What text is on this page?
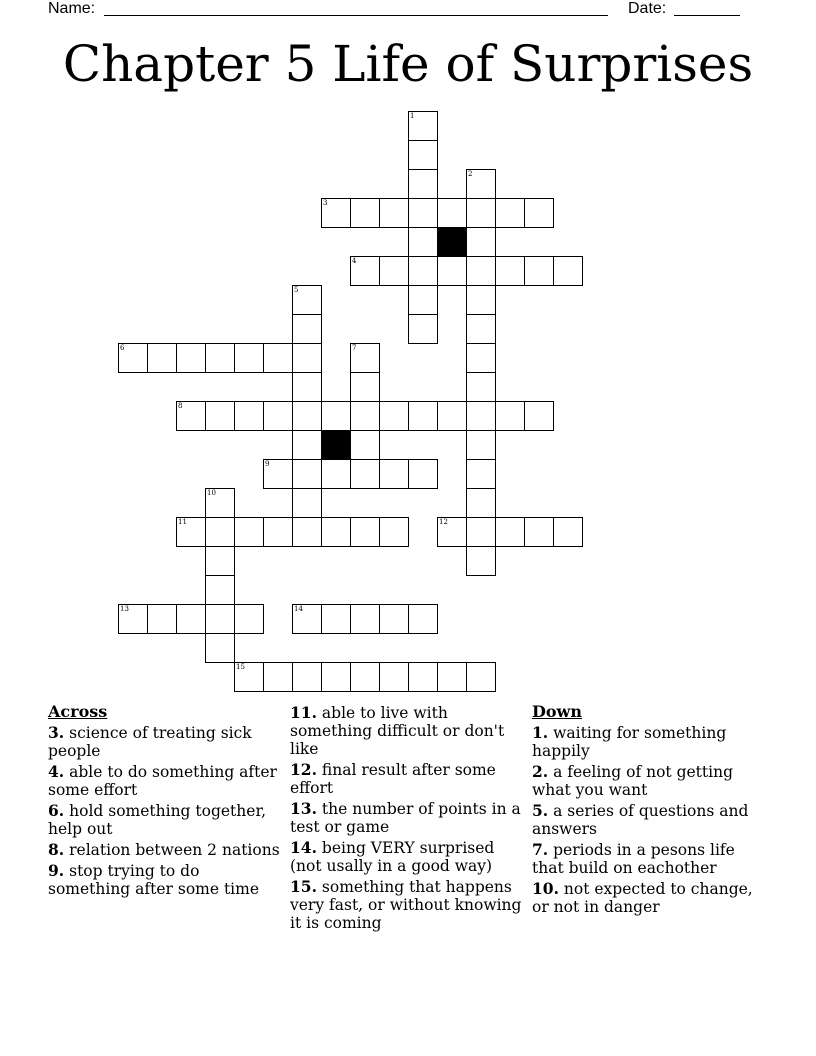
Name:	Date:
Chapter 5 Life of Surprises
1
2
5
7
10
3
4
6
8
9
11	12
13	14
15
Across
3. science of treating sick people
4. able to do something after some effort
6. hold something together, help out
8. relation between 2 nations
9. stop trying to do something after some time
11. able to live with something difficult or don't like
12. final result after some effort
13. the number of points in a test or game
14. being VERY surprised (not usally in a good way)
15. something that happens very fast, or without knowing it is coming
Down
1. waiting for something happily
2. a feeling of not getting what you want
5. a series of questions and answers
7. periods in a pesons life that build on eachother
10. not expected to change, or not in danger
